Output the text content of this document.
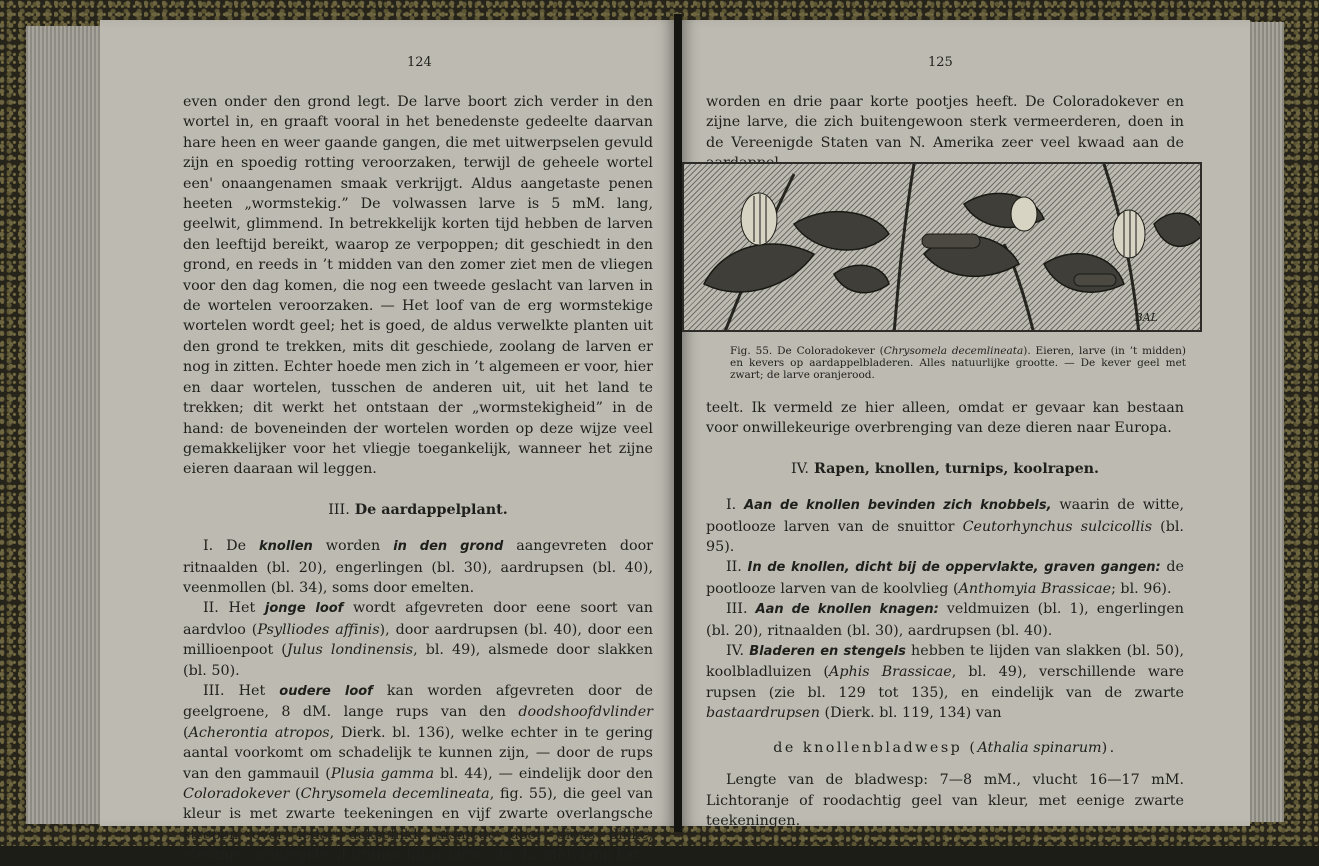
124

even onder den grond legt. De larve boort zich verder in den wortel in, en graaft vooral in het benedenste gedeelte daarvan hare heen en weer gaande gangen, die met uitwerpselen gevuld zijn en spoedig rotting veroorzaken, terwijl de geheele wortel een' onaangenamen smaak verkrijgt. Aldus aangetaste penen heeten „wormstekig.” De volwassen larve is 5 mM. lang, geelwit, glimmend. In betrekkelijk korten tijd hebben de larven den leeftijd bereikt, waarop ze verpoppen; dit geschiedt in den grond, en reeds in ’t midden van den zomer ziet men de vliegen voor den dag komen, die nog een tweede geslacht van larven in de wortelen veroorzaken. — Het loof van de erg wormstekige wortelen wordt geel; het is goed, de aldus verwelkte planten uit den grond te trekken, mits dit geschiede, zoolang de larven er nog in zitten. Echter hoede men zich in ’t algemeen er voor, hier en daar wortelen, tusschen de anderen uit, uit het land te trekken; dit werkt het ontstaan der „wormstekigheid” in de hand: de boveneinden der wortelen worden op deze wijze veel gemakkelijker voor het vliegje toegankelijk, wanneer het zijne eieren daaraan wil leggen.

III. De aardappelplant.

I. De knollen worden in den grond aangevreten door ritnaalden (bl. 20), engerlingen (bl. 30), aardrupsen (bl. 40), veenmollen (bl. 34), soms door emelten.

II. Het jonge loof wordt afgevreten door eene soort van aardvloo (Psylliodes affinis), door aardrupsen (bl. 40), door een millioenpoot (Julus londinensis, bl. 49), alsmede door slakken (bl. 50).

III. Het oudere loof kan worden afgevreten door de geelgroene, 8 dM. lange rups van den doodshoofdvlinder (Acherontia atropos, Dierk. bl. 136), welke echter in te gering aantal voorkomt om schadelijk te kunnen zijn, — door de rups van den gammauil (Plusia gamma bl. 44), — eindelijk door den Coloradokever (Chrysomela decemlineata, fig. 55), die geel van kleur is met zwarte teekeningen en vijf zwarte overlangsche strepen over ieder dekschild; alsmede door diens dikke, vleezige, oranjegele of bruinachtige larve, die 12 mM. lang kan

125

worden en drie paar korte pootjes heeft. De Coloradokever en zijne larve, die zich buitengewoon sterk vermeerderen, doen in de Vereenigde Staten van N. Amerika zeer veel kwaad aan de

BAL
Fig. 55. De Coloradokever (Chrysomela decemlineata). Eieren, larve (in ’t midden) en kevers op aardappelbladeren. Alles natuurlijke grootte. — De kever geel met zwart; de larve oranjerood.

teelt. Ik vermeld ze hier alleen, omdat er gevaar kan bestaan voor onwillekeurige overbrenging van deze dieren naar Europa.

IV. Rapen, knollen, turnips, koolrapen.

I. Aan de knollen bevinden zich knobbels, waarin de witte, pootlooze larven van de snuittor Ceutorhynchus sulcicollis (bl. 95).

II. In de knollen, dicht bij de oppervlakte, graven gangen: de pootlooze larven van de koolvlieg (Anthomyia Brassicae; bl. 96).

III. Aan de knollen knagen: veldmuizen (bl. 1), engerlingen (bl. 20), ritnaalden (bl. 30), aardrupsen (bl. 40).

IV. Bladeren en stengels hebben te lijden van slakken (bl. 50), koolbladluizen (Aphis Brassicae, bl. 49), verschillende ware rupsen (zie bl. 129 tot 135), en eindelijk van de zwarte bastaardrupsen (Dierk. bl. 119, 134) van

de knollenbladwesp (Athalia spinarum).

Lengte van de bladwesp: 7—8 mM., vlucht 16—17 mM. Lichtoranje of roodachtig geel van kleur, met eenige zwarte teekeningen.
